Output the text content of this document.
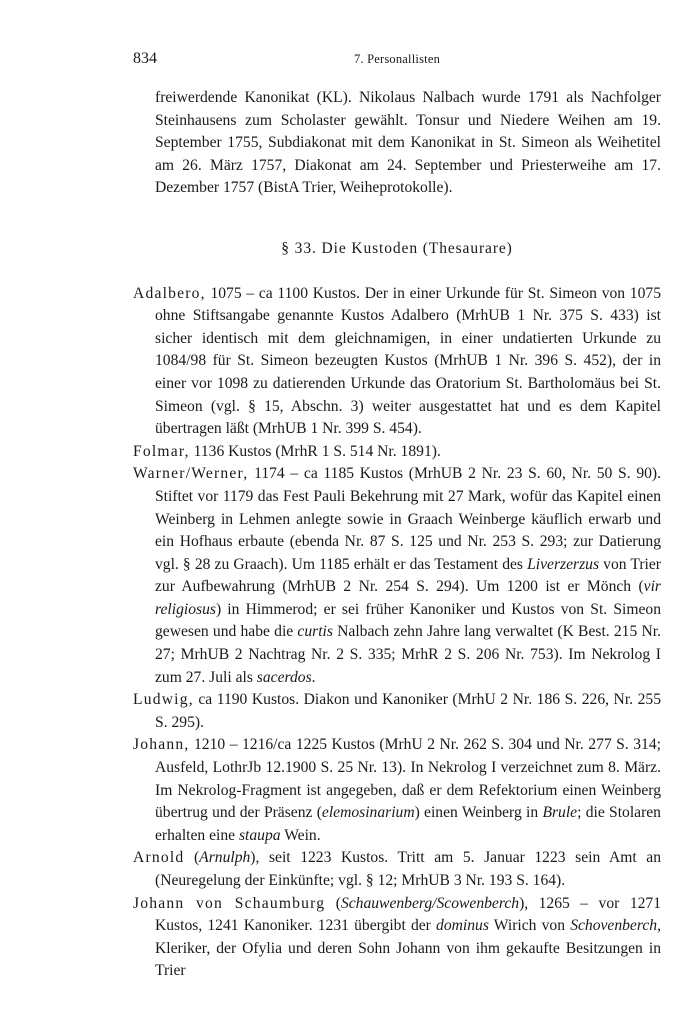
834	7. Personallisten

freiwerdende Kanonikat (KL). Nikolaus Nalbach wurde 1791 als Nachfolger Steinhausens zum Scholaster gewählt. Tonsur und Niedere Weihen am 19. September 1755, Subdiakonat mit dem Kanonikat in St. Simeon als Weihetitel am 26. März 1757, Diakonat am 24. September und Priesterweihe am 17. Dezember 1757 (BistA Trier, Weiheprotokolle).

§ 33. Die Kustoden (Thesaurare)

Adalbero, 1075 – ca 1100 Kustos. Der in einer Urkunde für St. Simeon von 1075 ohne Stiftsangabe genannte Kustos Adalbero (MrhUB 1 Nr. 375 S. 433) ist sicher identisch mit dem gleichnamigen, in einer undatierten Urkunde zu 1084/98 für St. Simeon bezeugten Kustos (MrhUB 1 Nr. 396 S. 452), der in einer vor 1098 zu datierenden Urkunde das Oratorium St. Bartholomäus bei St. Simeon (vgl. § 15, Abschn. 3) weiter ausgestattet hat und es dem Kapitel übertragen läßt (MrhUB 1 Nr. 399 S. 454).

Folmar, 1136 Kustos (MrhR 1 S. 514 Nr. 1891).

Warner/Werner, 1174 – ca 1185 Kustos (MrhUB 2 Nr. 23 S. 60, Nr. 50 S. 90). Stiftet vor 1179 das Fest Pauli Bekehrung mit 27 Mark, wofür das Kapitel einen Weinberg in Lehmen anlegte sowie in Graach Weinberge käuflich erwarb und ein Hofhaus erbaute (ebenda Nr. 87 S. 125 und Nr. 253 S. 293; zur Datierung vgl. § 28 zu Graach). Um 1185 erhält er das Testament des Liverzerzus von Trier zur Aufbewahrung (MrhUB 2 Nr. 254 S. 294). Um 1200 ist er Mönch (vir religiosus) in Himmerod; er sei früher Kanoniker und Kustos von St. Simeon gewesen und habe die curtis Nalbach zehn Jahre lang verwaltet (K Best. 215 Nr. 27; MrhUB 2 Nachtrag Nr. 2 S. 335; MrhR 2 S. 206 Nr. 753). Im Nekrolog I zum 27. Juli als sacerdos.

Ludwig, ca 1190 Kustos. Diakon und Kanoniker (MrhU 2 Nr. 186 S. 226, Nr. 255 S. 295).

Johann, 1210 – 1216/ca 1225 Kustos (MrhU 2 Nr. 262 S. 304 und Nr. 277 S. 314; Ausfeld, LothrJb 12.1900 S. 25 Nr. 13). In Nekrolog I verzeichnet zum 8. März. Im Nekrolog-Fragment ist angegeben, daß er dem Refektorium einen Weinberg übertrug und der Präsenz (elemosinarium) einen Weinberg in Brule; die Stolaren erhalten eine staupa Wein.

Arnold (Arnulph), seit 1223 Kustos. Tritt am 5. Januar 1223 sein Amt an (Neuregelung der Einkünfte; vgl. § 12; MrhUB 3 Nr. 193 S. 164).

Johann von Schaumburg (Schauwenberg/Scowenberch), 1265 – vor 1271 Kustos, 1241 Kanoniker. 1231 übergibt der dominus Wirich von Schovenberch, Kleriker, der Ofylia und deren Sohn Johann von ihm gekaufte Besitzungen in Trier
